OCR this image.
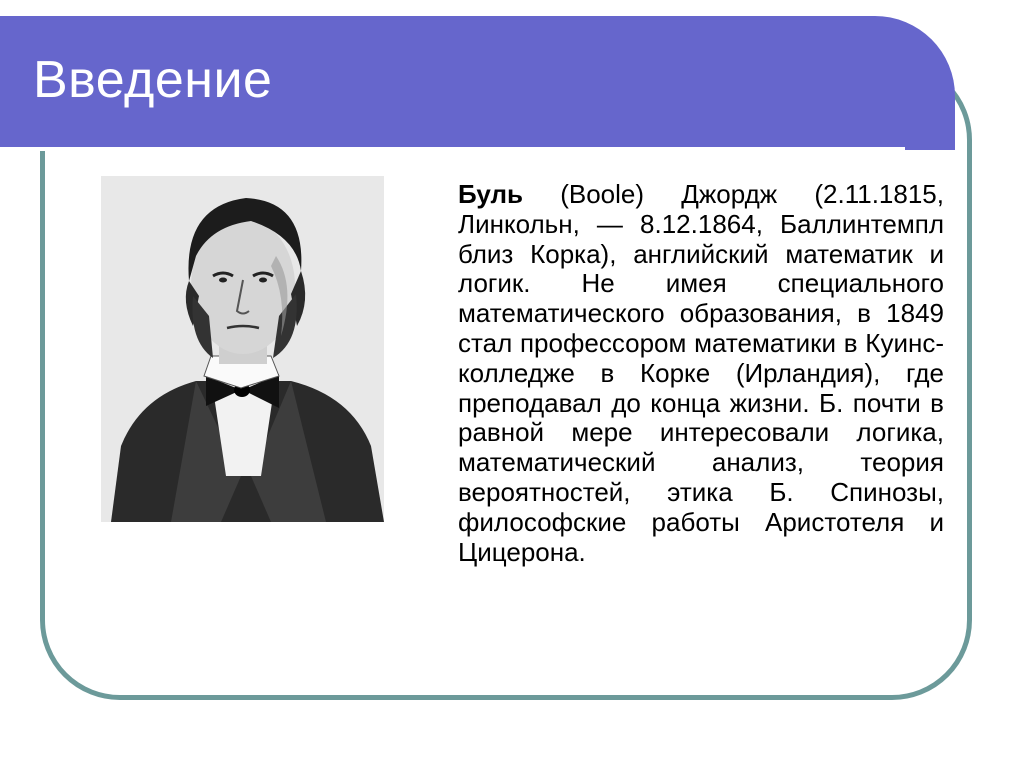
Введение

Буль (Boole) Джордж (2.11.1815, Линкольн, — 8.12.1864, Баллинтемпл близ Корка), английский математик и логик. Не имея специального математического образования, в 1849 стал профессором математики в Куинс-колледже в Корке (Ирландия), где преподавал до конца жизни. Б. почти в равной мере интересовали логика, математический анализ, теория вероятностей, этика Б. Спинозы, философские работы Аристотеля и Цицерона.
